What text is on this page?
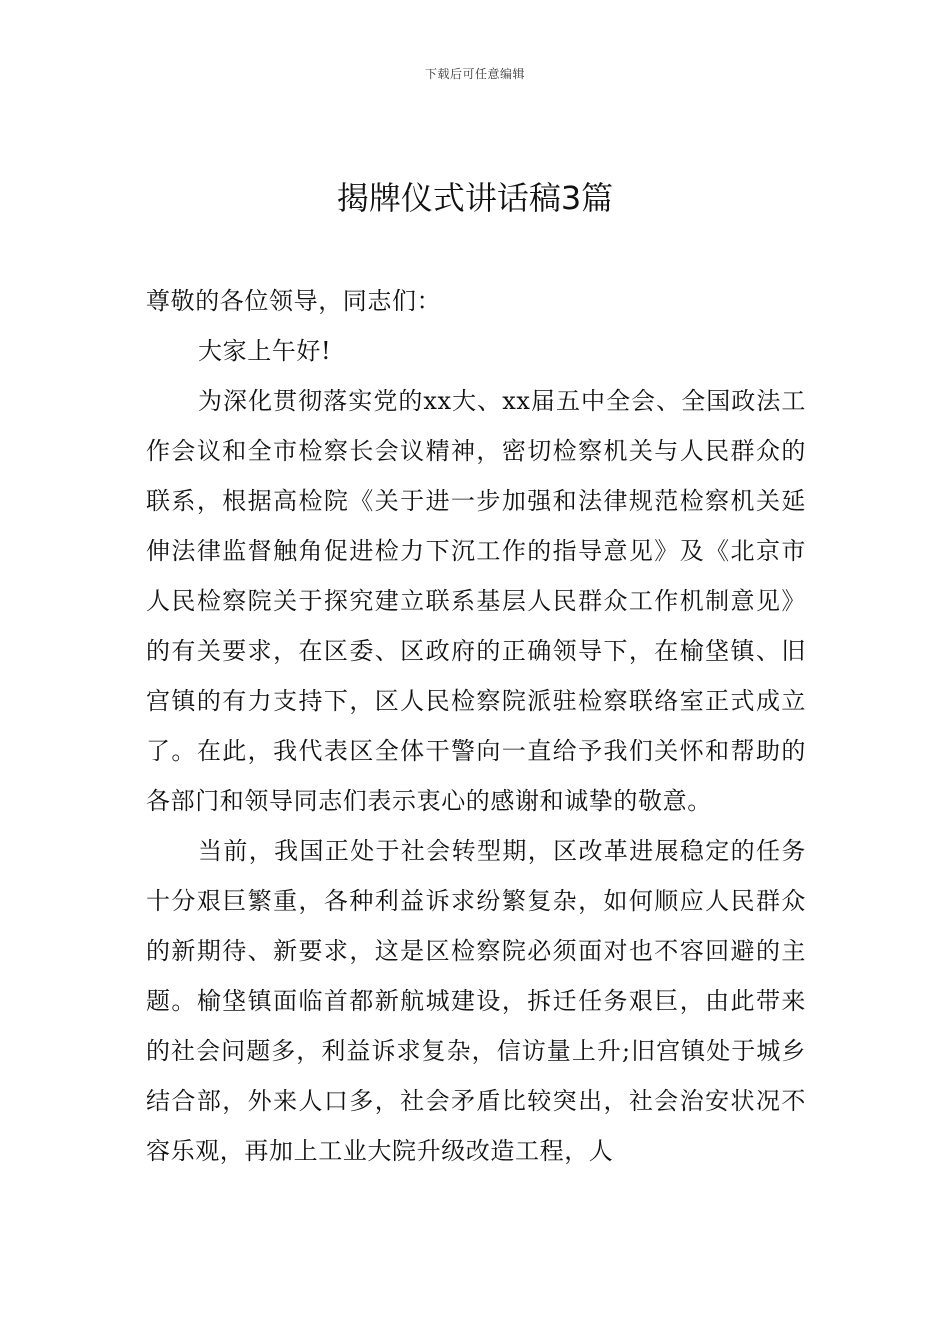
下载后可任意编辑
揭牌仪式讲话稿3篇

尊敬的各位领导，同志们：

大家上午好!

为深化贯彻落实党的xx大、xx届五中全会、全国政法工作会议和全市检察长会议精神，密切检察机关与人民群众的联系，根据高检院《关于进一步加强和法律规范检察机关延伸法律监督触角促进检力下沉工作的指导意见》及《北京市人民检察院关于探究建立联系基层人民群众工作机制意见》的有关要求，在区委、区政府的正确领导下，在榆垡镇、旧宫镇的有力支持下，区人民检察院派驻检察联络室正式成立了。在此，我代表区全体干警向一直给予我们关怀和帮助的各部门和领导同志们表示衷心的感谢和诚挚的敬意。

当前，我国正处于社会转型期，区改革进展稳定的任务十分艰巨繁重，各种利益诉求纷繁复杂，如何顺应人民群众的新期待、新要求，这是区检察院必须面对也不容回避的主题。榆垡镇面临首都新航城建设，拆迁任务艰巨，由此带来的社会问题多，利益诉求复杂，信访量上升;旧宫镇处于城乡结合部，外来人口多，社会矛盾比较突出，社会治安状况不容乐观，再加上工业大院升级改造工程，人
